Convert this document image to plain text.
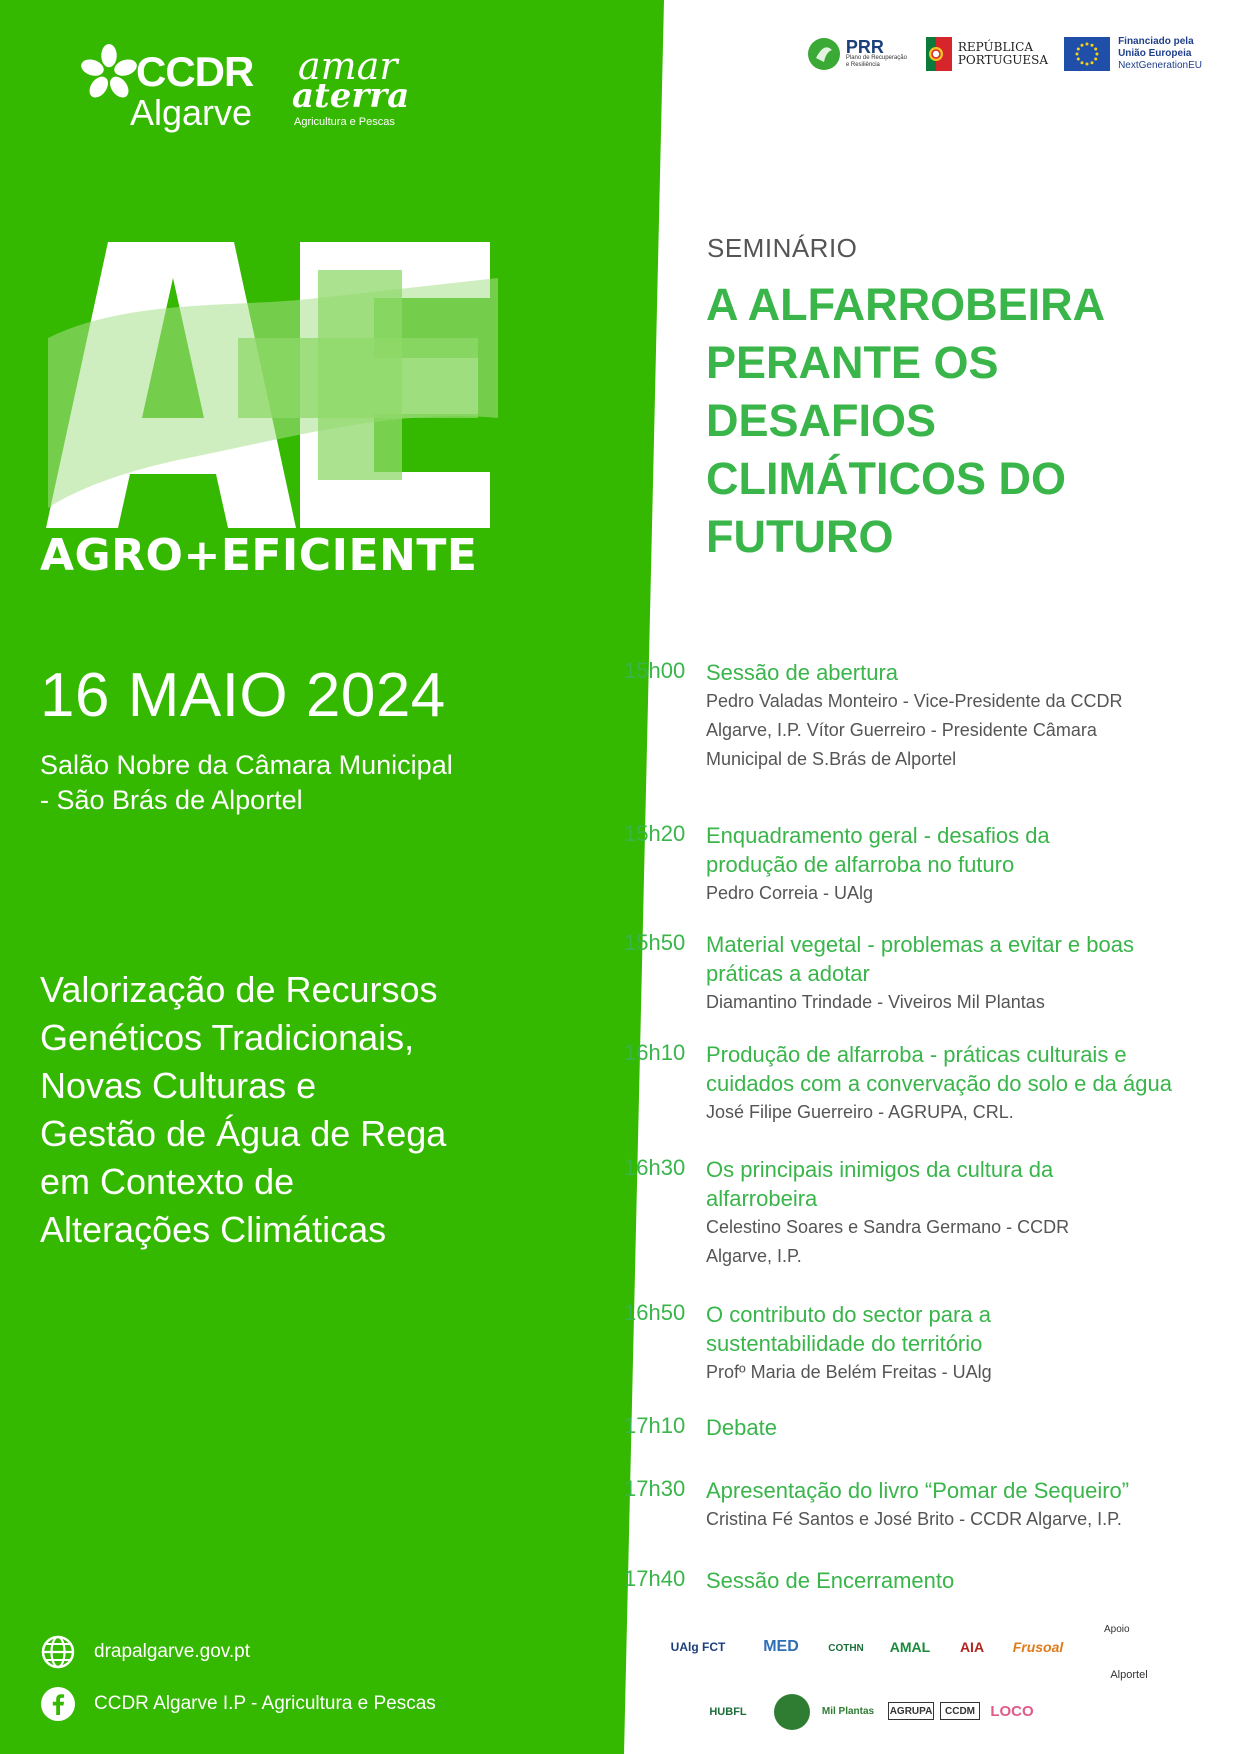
CCDR
Algarve
amar
aterra
Agricultura e Pescas
AGRO+EFICIENTE
16 MAIO 2024
Salão Nobre da Câmara Municipal
- São Brás de Alportel
Valorização de Recursos
Genéticos Tradicionais,
Novas Culturas e
Gestão de Água de Rega
em Contexto de
Alterações Climáticas
drapalgarve.gov.pt
CCDR Algarve I.P - Agricultura e Pescas
PRR
Plano de Recuperação e Resiliência
REPÚBLICA
PORTUGUESA
Financiado pela
União Europeia
NextGenerationEU
SEMINÁRIO
A ALFARROBEIRA
PERANTE OS
DESAFIOS
CLIMÁTICOS DO
FUTURO
15h00 Sessão de abertura
Pedro Valadas Monteiro - Vice-Presidente da CCDR Algarve, I.P. Vítor Guerreiro - Presidente Câmara Municipal de S.Brás de Alportel
15h20 Enquadramento geral - desafios da produção de alfarroba no futuro
Pedro Correia - UAlg
15h50 Material vegetal - problemas a evitar e boas práticas a adotar
Diamantino Trindade - Viveiros Mil Plantas
16h10 Produção de alfarroba - práticas culturais e cuidados com a convervação do solo e da água
José Filipe Guerreiro - AGRUPA, CRL.
16h30 Os principais inimigos da cultura da alfarrobeira
Celestino Soares e Sandra Germano - CCDR Algarve, I.P.
16h50 O contributo do sector para a sustentabilidade do território
Profº Maria de Belém Freitas - UAlg
17h10 Debate
17h30 Apresentação do livro “Pomar de Sequeiro”
Cristina Fé Santos e José Brito - CCDR Algarve, I.P.
17h40 Sessão de Encerramento
UAlg FCT	MED	COTHN	AMAL	AIA	Frusoal
Apoio
Alportel
HUBFL	Mil Plantas	AGRUPA	CCDM	LOCO
